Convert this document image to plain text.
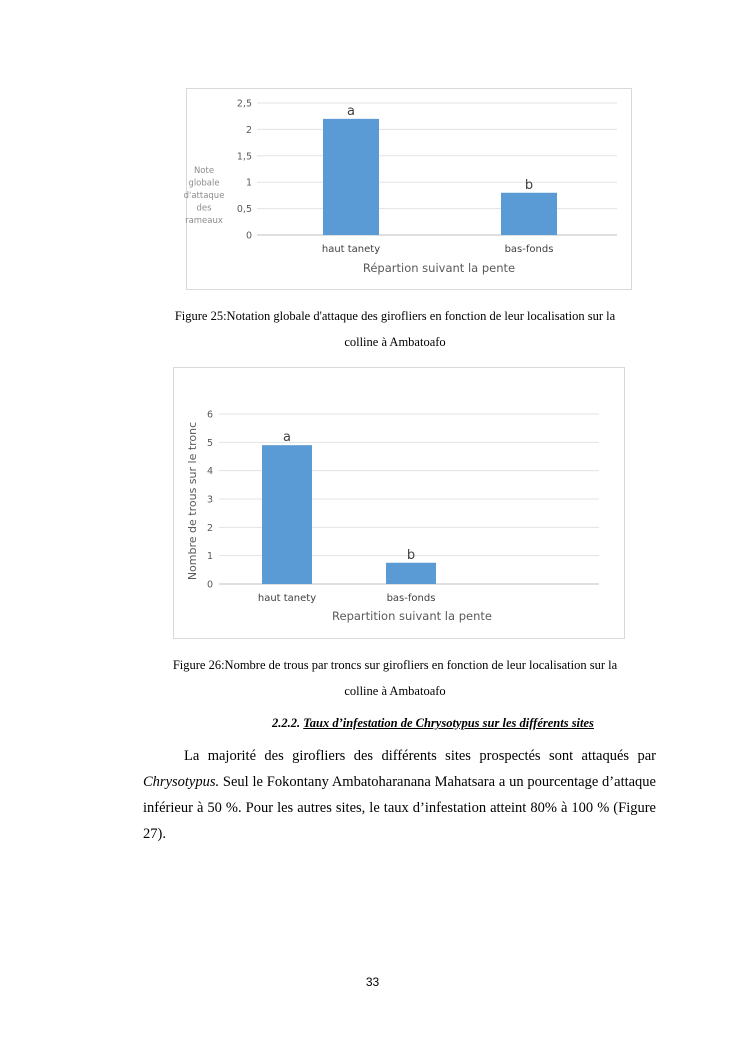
0
0,5
1
1,5
2
2,5	a
haut tanety
b
bas-fonds
Répartion suivant la pente
Note
globale
d'attaque
des
rameaux
Figure 25:Notation globale d'attaque des girofliers en fonction de leur localisation sur la
colline à Ambatoafo
0
1
2
3
4
5
6
a
haut tanety
b
bas-fonds
Repartition suivant la pente
Nombre de trous sur le tronc
Figure 26:Nombre de trous par troncs sur girofliers en fonction de leur localisation sur la
colline à Ambatoafo
2.2.2. Taux d’infestation de Chrysotypus sur les différents sites

La majorité des girofliers des différents sites prospectés sont attaqués par Chrysotypus. Seul le Fokontany Ambatoharanana Mahatsara a un pourcentage d’attaque inférieur à 50 %. Pour les autres sites, le taux d’infestation atteint 80% à 100 % (Figure 27).

33
